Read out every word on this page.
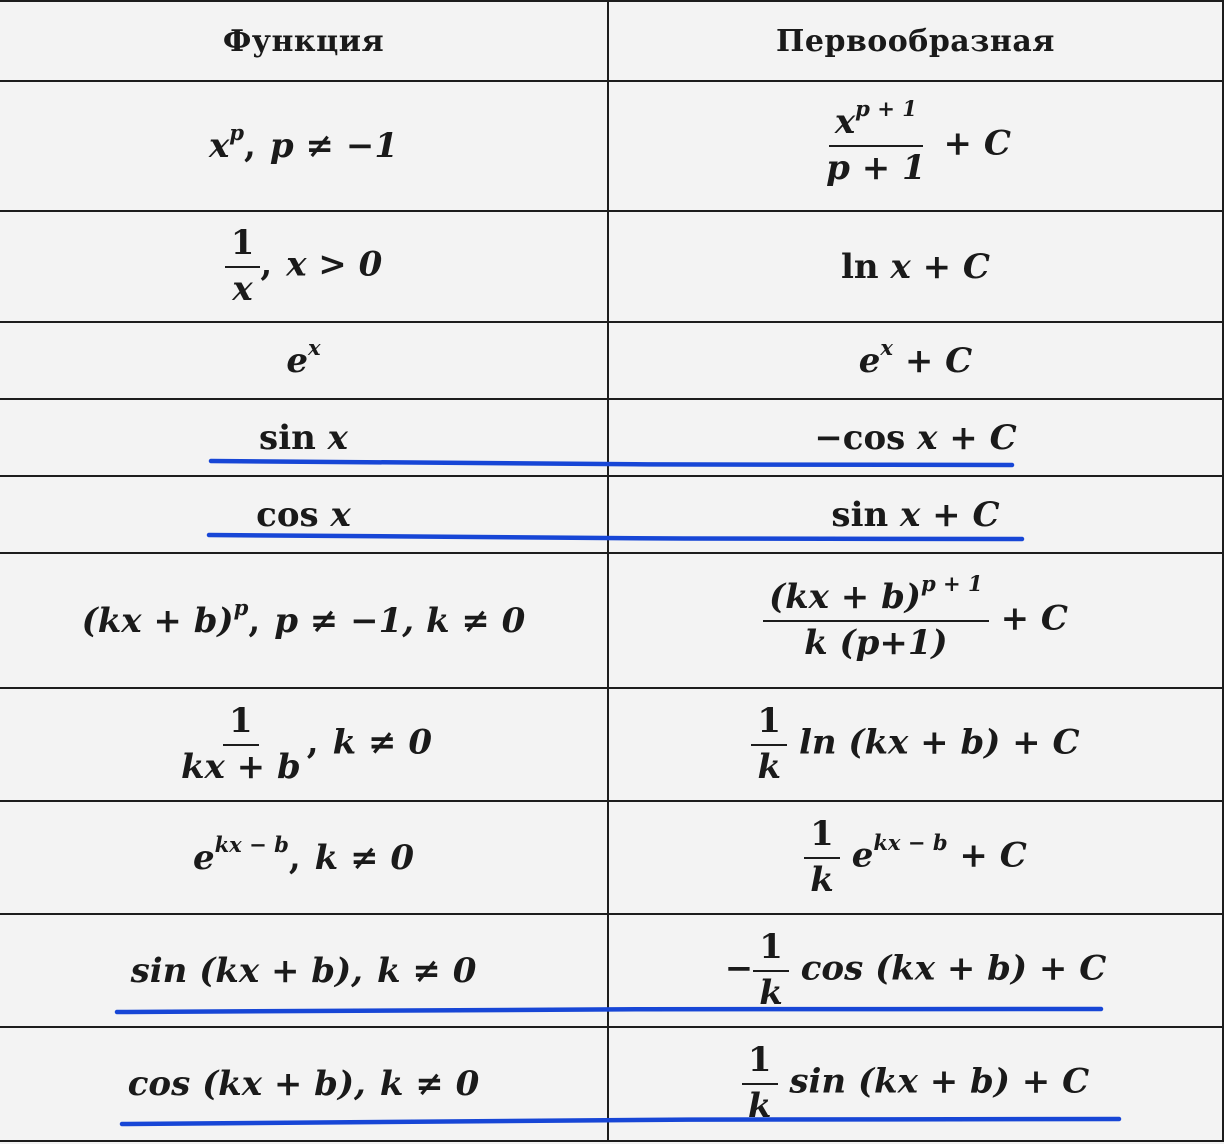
Функция	Первообразная
$x^p$, p ≠ −1	$\frac{x^{p + 1}}{p + 1} + C$

$\frac{1}{x}$ , x > 0	ln x + C
$e^x$	$e^x + C$
sin x	−cos x + C
cos x	sin x + C
(kx + b)$^p$, p ≠ −1, k ≠ 0	$\frac{(kx + b)^{p + 1}}{k (p+1)} + C$

$\frac{1}{kx + b}$ , k ≠ 0	$\frac{1}{k}$ ln (kx + b) + C
$e^{kx - b}$, k ≠ 0	$\frac{1}{k} e^{kx - b} + C$
sin (kx + b), k ≠ 0	− $\frac{1}{k}$ cos (kx + b) + C
cos (kx + b), k ≠ 0	$\frac{1}{k}$ sin (kx + b) + C
